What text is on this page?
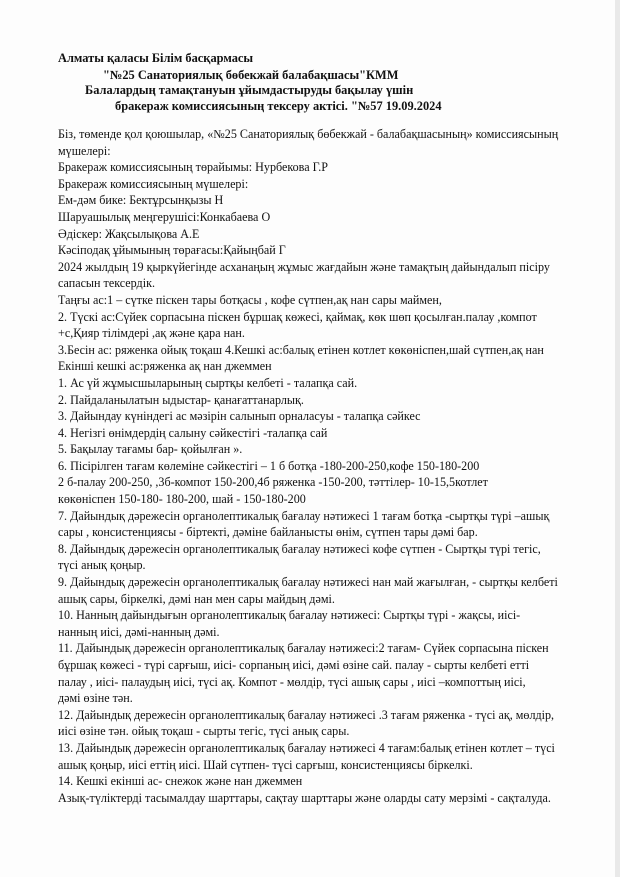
Алматы қаласы Білім басқармасы
"№25 Санаториялық бөбекжай балабақшасы"КММ
Балалардың тамақтануын ұйымдастыруды бақылау үшін
бракераж комиссиясының тексеру актісі. "№57 19.09.2024
Біз, төменде қол қоюшылар, «№25 Санаториялық бөбекжай - балабақшасының» комиссиясының
мүшелері:
Бракераж комиссиясының төрайымы: Нурбекова Г.Р
Бракераж комиссиясының мүшелері:
Ем-дәм бике: Бектұрсынқызы Н
Шаруашылық меңгерушісі:Конкабаева О
Әдіскер: Жақсылықова А.Е
Кәсіподақ ұйымының төрағасы:Қайыңбай Г
2024 жылдың 19 қыркүйегінде асханаңың жұмыс жағдайын және тамақтың дайындалып пісіру
сапасын тексердік.
Таңғы ас:1 – сүтке піскен тары ботқасы , кофе сүтпен,ақ нан сары маймен,
2. Түскі ас:Сүйек сорпасына піскен бұршақ көжесі, қаймақ, көк шөп қосылған.палау ,компот
+с,Қияр тілімдері ,ақ және қара нан.
3.Бесін ас: ряженка ойық тоқаш 4.Кешкі ас:балық етінен котлет көкөніспен,шай сүтпен,ақ нан
Екінші кешкі ас:ряженка ақ нан джеммен
1. Ас үй жұмысшыларының сыртқы келбеті - талапқа сай.
2. Пайдаланылатын ыдыстар- қанағаттанарлық.
3. Дайындау күніндегі ас мәзірін салынып орналасуы - талапқа сәйкес
4. Негізгі өнімдердің салыну сәйкестігі -талапқа сай
5. Бақылау тағамы бар- қойылған ».
6. Пісірілген тағам көлеміне сәйкестігі – 1 б ботқа -180-200-250,кофе 150-180-200
2 б-палау 200-250, ,3б-компот 150-200,4б ряженка -150-200, тәттілер- 10-15,5котлет
көкөніспен 150-180- 180-200, шай - 150-180-200
7. Дайындық дәрежесін органолептикалық бағалау нәтижесі 1 тағам ботқа -сыртқы түрі –ашық
сары , консистенциясы - біртекті, дәміне байланысты өнім, сүтпен тары дәмі бар.
8. Дайындық дәрежесін органолептикалық бағалау нәтижесі кофе сүтпен - Сыртқы түрі тегіс,
түсі анық қоңыр.
9. Дайындық дәрежесін органолептикалық бағалау нәтижесі нан май жағылған, - сыртқы келбеті
ашық сары, біркелкі, дәмі нан мен сары майдың дәмі.
10. Нанның дайындығын органолептикалық бағалау нәтижесі: Сыртқы түрі - жақсы, иісі-
нанның иісі, дәмі-нанның дәмі.
11. Дайындық дәрежесін органолептикалық бағалау нәтижесі:2 тағам- Сүйек сорпасына піскен
бұршақ көжесі - түрі сарғыш, иісі- сорпаның иісі, дәмі өзіне сай. палау - сырты келбеті етті
палау , иісі- палаудың иісі, түсі ақ. Компот - мөлдір, түсі ашық сары , иісі –компоттың иісі,
дәмі өзіне тән.
12. Дайындық дережесін органолептикалық бағалау нәтижесі .3 тағам ряженка - түсі ақ, мөлдір,
иісі өзіне тән. ойық тоқаш - сырты тегіс, түсі анық сары.
13. Дайындық дәрежесін органолептикалық бағалау нәтижесі 4 тағам:балық етінен котлет – түсі
ашық қоңыр, иісі еттің иісі. Шай сүтпен- түсі сарғыш, консистенциясы біркелкі.
14. Кешкі екінші ас- снежок және нан джеммен
Азық-түліктерді тасымалдау шарттары, сақтау шарттары және оларды сату мерзімі - сақталуда.
